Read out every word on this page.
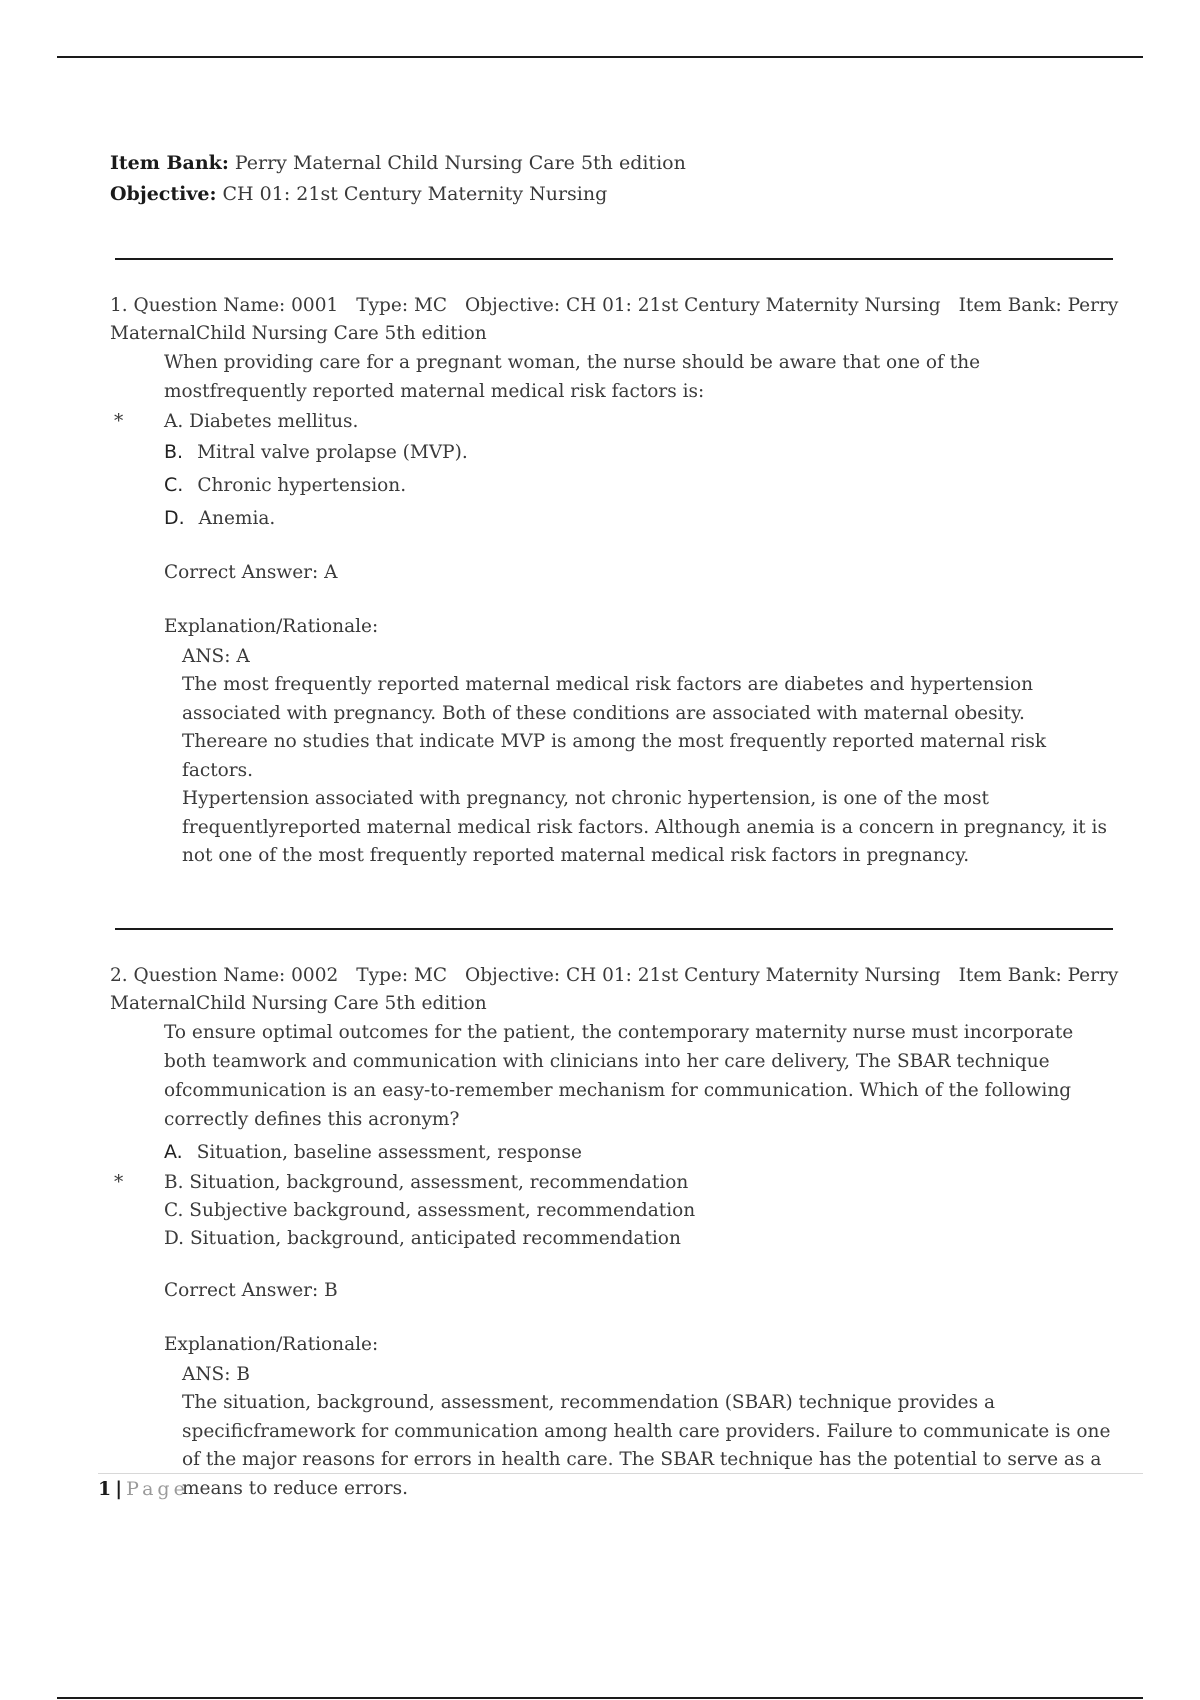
Item Bank: Perry Maternal Child Nursing Care 5th edition
Objective: CH 01: 21st Century Maternity Nursing
1. Question Name: 0001 Type: MC Objective: CH 01: 21st Century Maternity Nursing Item Bank: Perry
MaternalChild Nursing Care 5th edition
When providing care for a pregnant woman, the nurse should be aware that one of the mostfrequently reported maternal medical risk factors is:
* A. Diabetes mellitus.
B. Mitral valve prolapse (MVP).
C. Chronic hypertension.
D. Anemia.
Correct Answer: A
Explanation/Rationale:
ANS: A

The most frequently reported maternal medical risk factors are diabetes and hypertension associated with pregnancy. Both of these conditions are associated with maternal obesity. Thereare no studies that indicate MVP is among the most frequently reported maternal risk factors.

Hypertension associated with pregnancy, not chronic hypertension, is one of the most frequentlyreported maternal medical risk factors. Although anemia is a concern in pregnancy, it is not one of the most frequently reported maternal medical risk factors in pregnancy.

2. Question Name: 0002 Type: MC Objective: CH 01: 21st Century Maternity Nursing Item Bank: Perry
MaternalChild Nursing Care 5th edition
To ensure optimal outcomes for the patient, the contemporary maternity nurse must incorporate both teamwork and communication with clinicians into her care delivery, The SBAR technique ofcommunication is an easy-to-remember mechanism for communication. Which of the following correctly defines this acronym?
A. Situation, baseline assessment, response
* B. Situation, background, assessment, recommendation
C. Subjective background, assessment, recommendation
D. Situation, background, anticipated recommendation
Correct Answer: B
Explanation/Rationale:
ANS: B

The situation, background, assessment, recommendation (SBAR) technique provides a specificframework for communication among health care providers. Failure to communicate is one of the major reasons for errors in health care. The SBAR technique has the potential to serve as a means to reduce errors.

1 | Page
